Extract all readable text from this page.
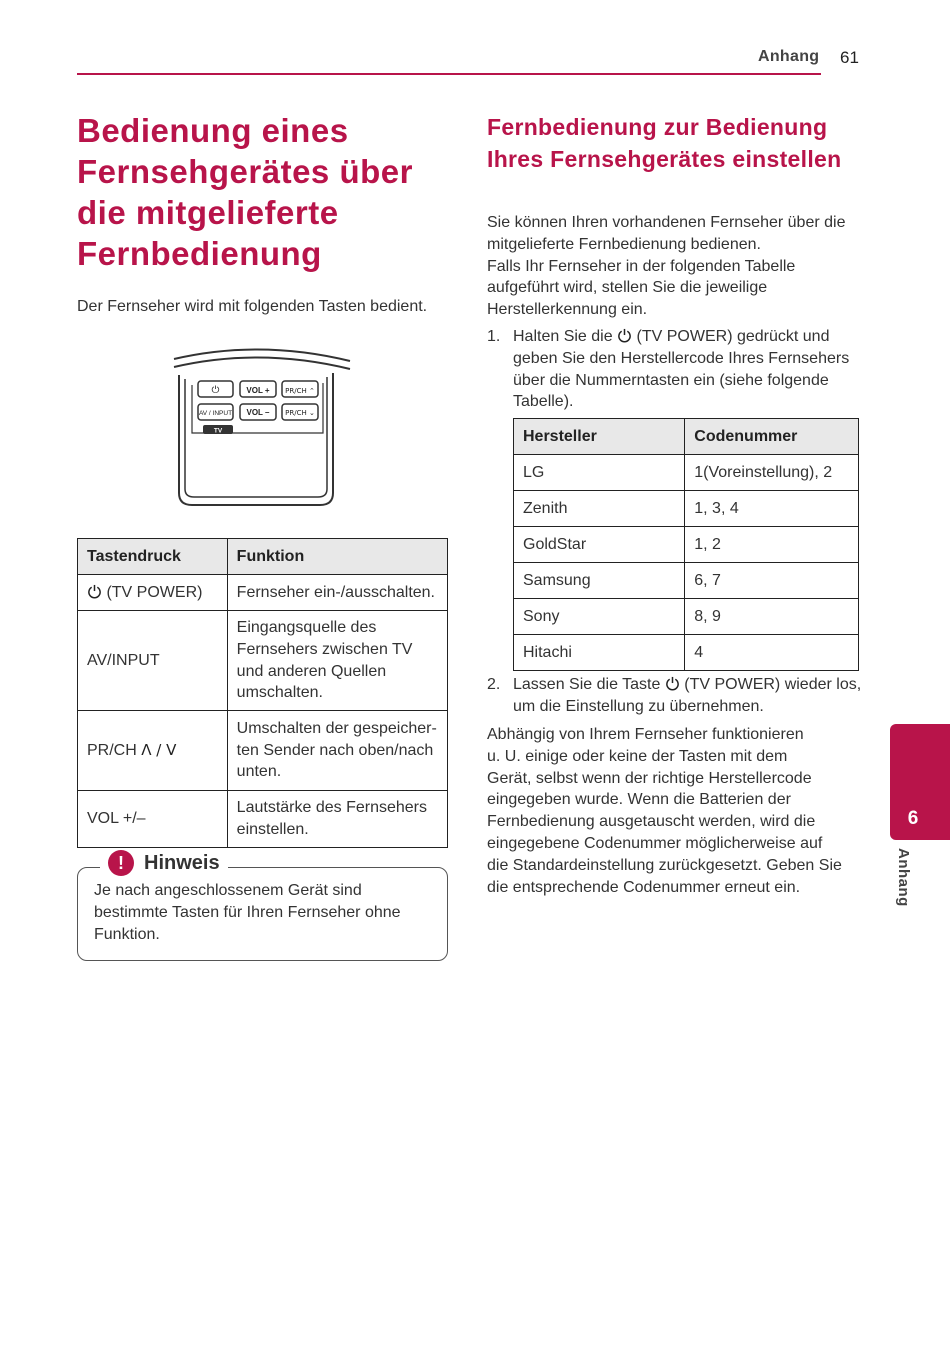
Anhang 61
Bedienung eines Fernsehgerätes über die mitgelieferte Fernbedienung
Der Fernseher wird mit folgenden Tasten bedient.
⏻	VOL + PR/CH ⌃
AV / INPUT VOL – PR/CH ⌄
TV
Tastendruck	Funktion
(TV POWER)	Fernseher ein-/ausschalten.
AV/INPUT	Eingangsquelle des Fernsehers zwischen TV und anderen Quellen umschalten.
PR/CH Λ / V	Umschalten der gespeicher-ten Sender nach oben/nach unten.
VOL +/–	Lautstärke des Fernsehers einstellen.
!	Hinweis
Je nach angeschlossenem Gerät sind bestimmte Tasten für Ihren Fernseher ohne Funktion.
Fernbedienung zur Bedienung Ihres Fernsehgerätes einstellen
Sie können Ihren vorhandenen Fernseher über die
mitgelieferte Fernbedienung bedienen.
Falls Ihr Fernseher in der folgenden Tabelle
aufgeführt wird, stellen Sie die jeweilige
Herstellerkennung ein.
1. Halten Sie die  (TV POWER) gedrückt und
geben Sie den Herstellercode Ihres Fernsehers
über die Nummerntasten ein (siehe folgende
Tabelle).
Hersteller	Codenummer
LG	1(Voreinstellung), 2
Zenith	1, 3, 4
GoldStar	1, 2
Samsung	6, 7
Sony	8, 9
Hitachi	4
2. Lassen Sie die Taste  (TV POWER) wieder los,
um die Einstellung zu übernehmen.
Abhängig von Ihrem Fernseher funktionieren
u. U. einige oder keine der Tasten mit dem
Gerät, selbst wenn der richtige Herstellercode
eingegeben wurde. Wenn die Batterien der
Fernbedienung ausgetauscht werden, wird die
eingegebene Codenummer möglicherweise auf
die Standardeinstellung zurückgesetzt. Geben Sie
die entsprechende Codenummer erneut ein.
6
Anhang
